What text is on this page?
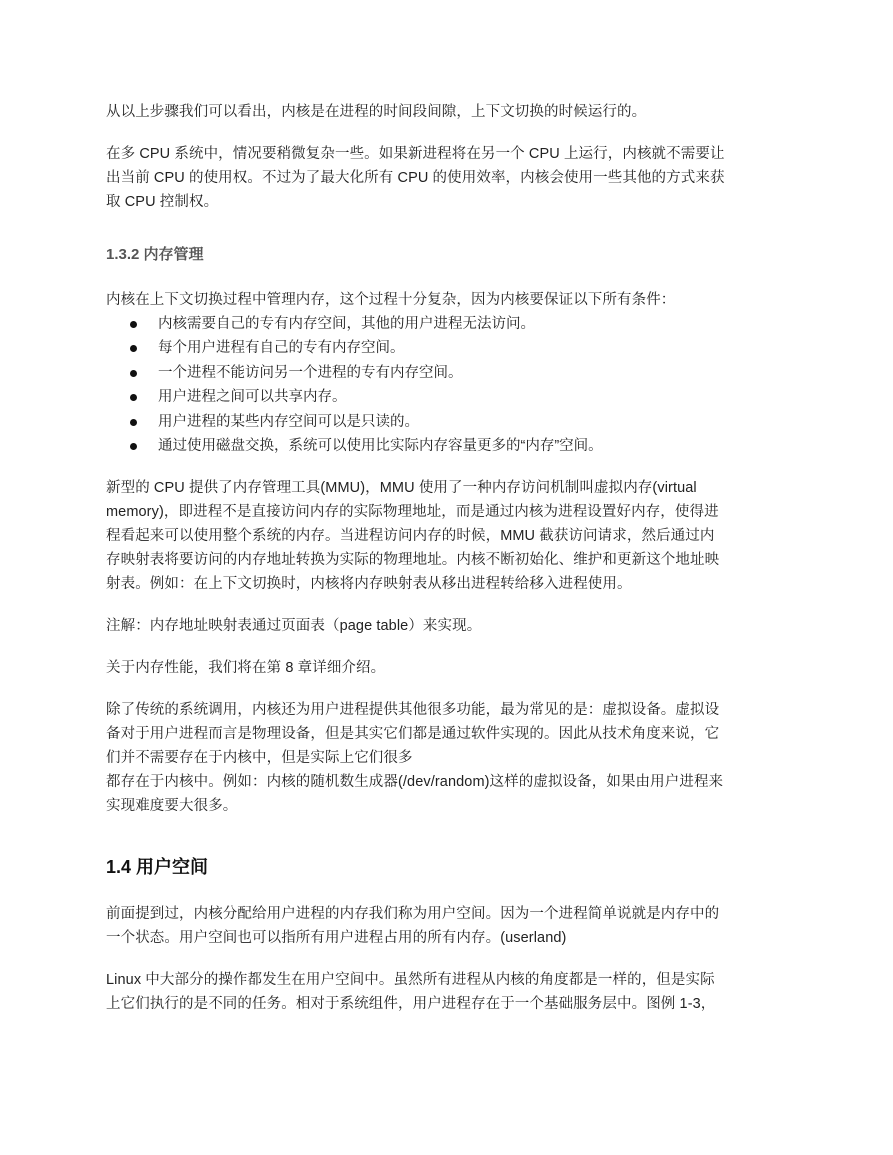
从以上步骤我们可以看出，内核是在进程的时间段间隙，上下文切换的时候运行的。

在多 CPU 系统中，情况要稍微复杂一些。如果新进程将在另一个 CPU 上运行，内核就不需要让
出当前 CPU 的使用权。不过为了最大化所有 CPU 的使用效率，内核会使用一些其他的方式来获
取 CPU 控制权。

1.3.2 内存管理

内核在上下文切换过程中管理内存，这个过程十分复杂，因为内核要保证以下所有条件：

内核需要自己的专有内存空间，其他的用户进程无法访问。
每个用户进程有自己的专有内存空间。
一个进程不能访问另一个进程的专有内存空间。
用户进程之间可以共享内存。
用户进程的某些内存空间可以是只读的。
通过使用磁盘交换，系统可以使用比实际内存容量更多的“内存”空间。

新型的 CPU 提供了内存管理工具(MMU)，MMU 使用了一种内存访问机制叫虚拟内存(virtual
memory)，即进程不是直接访问内存的实际物理地址，而是通过内核为进程设置好内存，使得进
程看起来可以使用整个系统的内存。当进程访问内存的时候，MMU 截获访问请求，然后通过内
存映射表将要访问的内存地址转换为实际的物理地址。内核不断初始化、维护和更新这个地址映
射表。例如：在上下文切换时，内核将内存映射表从移出进程转给移入进程使用。

注解：内存地址映射表通过页面表（page table）来实现。

关于内存性能，我们将在第 8 章详细介绍。

除了传统的系统调用，内核还为用户进程提供其他很多功能，最为常见的是：虚拟设备。虚拟设
备对于用户进程而言是物理设备，但是其实它们都是通过软件实现的。因此从技术角度来说，它
们并不需要存在于内核中，但是实际上它们很多
都存在于内核中。例如：内核的随机数生成器(/dev/random)这样的虚拟设备，如果由用户进程来
实现难度要大很多。

1.4 用户空间

前面提到过，内核分配给用户进程的内存我们称为用户空间。因为一个进程简单说就是内存中的
一个状态。用户空间也可以指所有用户进程占用的所有内存。(userland)

Linux 中大部分的操作都发生在用户空间中。虽然所有进程从内核的角度都是一样的，但是实际
上它们执行的是不同的任务。相对于系统组件，用户进程存在于一个基础服务层中。图例 1-3，
